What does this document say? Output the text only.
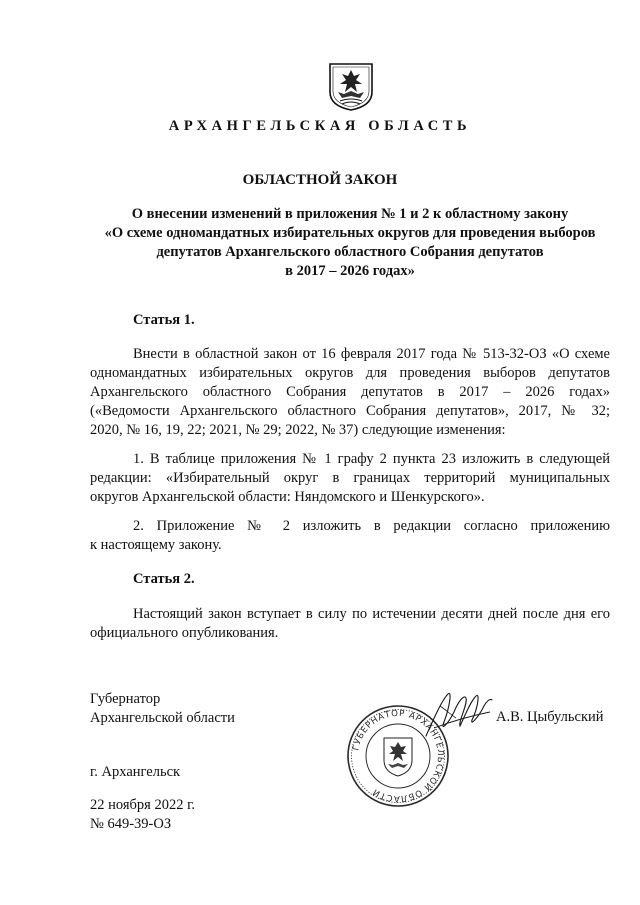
АРХАНГЕЛЬСКАЯ ОБЛАСТЬ
ОБЛАСТНОЙ ЗАКОН
О внесении изменений в приложения № 1 и 2 к областному закону
«О схеме одномандатных избирательных округов для проведения выборов
депутатов Архангельского областного Собрания депутатов
в 2017 – 2026 годах»
Статья 1.
Внести в областной закон от 16 февраля 2017 года № 513-32-ОЗ «О схеме
одномандатных избирательных округов для проведения выборов депутатов
Архангельского областного Собрания депутатов в 2017 – 2026 годах»
(«Ведомости Архангельского областного Собрания депутатов», 2017, № 32;
2020, № 16, 19, 22; 2021, № 29; 2022, № 37) следующие изменения:
1. В таблице приложения № 1 графу 2 пункта 23 изложить в следующей
редакции: «Избирательный округ в границах территорий муниципальных
округов Архангельской области: Няндомского и Шенкурского».
2. Приложение № 2 изложить в редакции согласно приложению
к настоящему закону.
Статья 2.
Настоящий закон вступает в силу по истечении десяти дней после дня его
официального опубликования.
Губернатор
Архангельской области
ГУБЕРНАТОР АРХАНГЕЛЬСКОЙ ОБЛАСТИ
А.В. Цыбульский
г. Архангельск
22 ноября 2022 г.
№ 649-39-ОЗ
